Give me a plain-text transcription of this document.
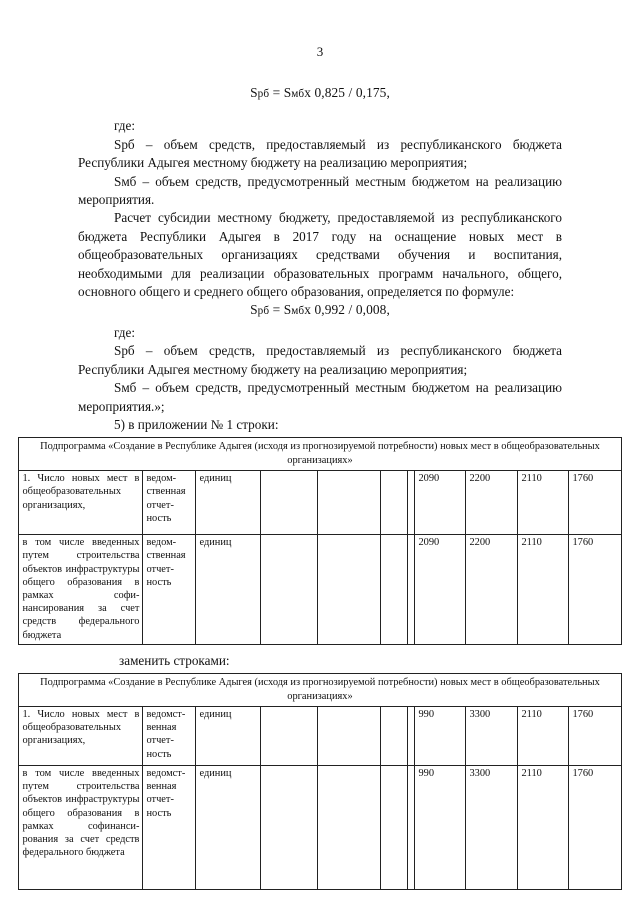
3

Sрб = Sмбх 0,825 / 0,175,

где:

Sрб – объем средств, предоставляемый из республиканского бюджета Республики Адыгея местному бюджету на реализацию мероприятия;

Sмб – объем средств, предусмотренный местным бюджетом на реализацию мероприятия.

Расчет субсидии местному бюджету, предоставляемой из республиканского бюджета Республики Адыгея в 2017 году на оснащение новых мест в общеобразовательных организациях средствами обучения и воспитания, необходимыми для реализации образовательных программ начального, общего, основного общего и среднего общего образования, определяется по формуле:

Sрб = Sмбх 0,992 / 0,008,

где:

Sрб – объем средств, предоставляемый из республиканского бюджета Республики Адыгея местному бюджету на реализацию мероприятия;

Sмб – объем средств, предусмотренный местным бюджетом на реализацию мероприятия.»;

5) в приложении № 1 строки:

Подпрограмма «Создание в Республике Адыгея (исходя из прогнозируемой потребности) новых мест в общеобразовательных организациях»										
1. Число новых мест в общеобразовательных организациях,	ведомственная отчетность	единиц					2090	2200	2110	1760
в том числе введенных путем строительства объектов инфраструктуры общего образования в рамках софинансирования за счет средств федерального бюджета	ведомственная отчетность	единиц					2090	2200	2110	1760

заменить строками:

Подпрограмма «Создание в Республике Адыгея (исходя из прогнозируемой потребности) новых мест в общеобразовательных организациях»										
1. Число новых мест в общеобразовательных организациях,	ведомственная отчетность	единиц					990	3300	2110	1760
в том числе введенных путем строительства объектов инфраструктуры общего образования в рамках софинансирования за счет средств федерального бюджета	ведомственная отчетность	единиц					990	3300	2110	1760
